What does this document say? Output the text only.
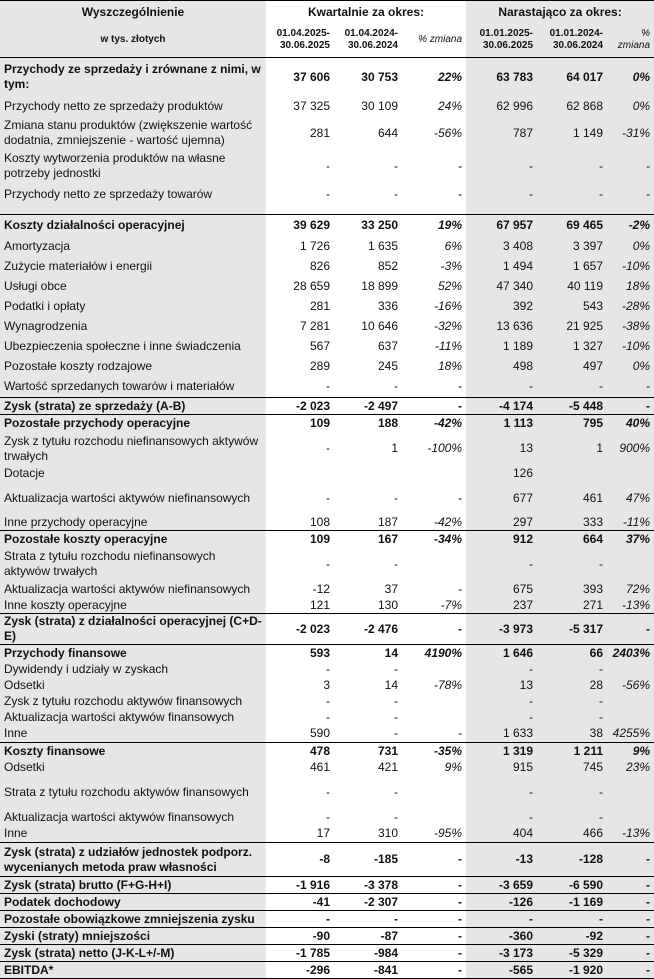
Wyszczególnienie	Kwartalnie za okres:			Narastająco za okres:		
w tys. złotych	01.04.2025-30.06.2025	01.04.2024-30.06.2024	% zmiana	01.01.2025-30.06.2025	01.01.2024-30.06.2024	% zmiana
Przychody ze sprzedaży i zrównane z nimi, w tym:	37 606	30 753	22%	63 783	64 017	0%
Przychody netto ze sprzedaży produktów	37 325	30 109	24%	62 996	62 868	0%
Zmiana stanu produktów (zwiększenie wartość dodatnia, zmniejszenie - wartość ujemna)	281	644	-56%	787	1 149	-31%
Koszty wytworzenia produktów na własne potrzeby jednostki	-	-	-	-	-	-
Przychody netto ze sprzedaży towarów	-	-	-	-	-	-

Koszty działalności operacyjnej	39 629	33 250	19%	67 957	69 465	-2%
Amortyzacja	1 726	1 635	6%	3 408	3 397	0%
Zużycie materiałów i energii	826	852	-3%	1 494	1 657	-10%
Usługi obce	28 659	18 899	52%	47 340	40 119	18%
Podatki i opłaty	281	336	-16%	392	543	-28%
Wynagrodzenia	7 281	10 646	-32%	13 636	21 925	-38%
Ubezpieczenia społeczne i inne świadczenia	567	637	-11%	1 189	1 327	-10%
Pozostałe koszty rodzajowe	289	245	18%	498	497	0%
Wartość sprzedanych towarów i materiałów	-	-	-	-	-	-
Zysk (strata) ze sprzedaży (A-B)	-2 023	-2 497	-	-4 174	-5 448	-
Pozostałe przychody operacyjne	109	188	-42%	1 113	795	40%
Zysk z tytułu rozchodu niefinansowych aktywów trwałych	-	1	-100%	13	1	900%
Dotacje				126		
Aktualizacja wartości aktywów niefinansowych	-	-	-	677	461	47%
Inne przychody operacyjne	108	187	-42%	297	333	-11%
Pozostałe koszty operacyjne	109	167	-34%	912	664	37%
Strata z tytułu rozchodu niefinansowych aktywów trwałych	-	-		-	-	
Aktualizacja wartości aktywów niefinansowych	-12	37	-	675	393	72%
Inne koszty operacyjne	121	130	-7%	237	271	-13%
Zysk (strata) z działalności operacyjnej (C+D-E)	-2 023	-2 476	-	-3 973	-5 317	-
Przychody finansowe	593	14	4190%	1 646	66	2403%
Dywidendy i udziały w zyskach	-	-		-	-	
Odsetki	3	14	-78%	13	28	-56%
Zysk z tytułu rozchodu aktywów finansowych	-	-		-	-	
Aktualizacja wartości aktywów finansowych	-	-		-	-	
Inne	590	-	-	1 633	38	4255%
Koszty finansowe	478	731	-35%	1 319	1 211	9%
Odsetki	461	421	9%	915	745	23%
Strata z tytułu rozchodu aktywów finansowych	-	-		-	-	
Aktualizacja wartości aktywów finansowych	-	-		-	-	
Inne	17	310	-95%	404	466	-13%
Zysk (strata) z udziałów jednostek podporz. wycenianych metoda praw własności	-8	-185	-	-13	-128	-
Zysk (strata) brutto (F+G-H+I)	-1 916	-3 378	-	-3 659	-6 590	-
Podatek dochodowy	-41	-2 307	-	-126	-1 169	-
Pozostałe obowiązkowe zmniejszenia zysku	-	-	-	-	-	-
Zyski (straty) mniejszości	-90	-87	-	-360	-92	-
Zysk (strata) netto (J-K-L+/-M)	-1 785	-984	-	-3 173	-5 329	-
EBITDA*	-296	-841	-	-565	-1 920	-
